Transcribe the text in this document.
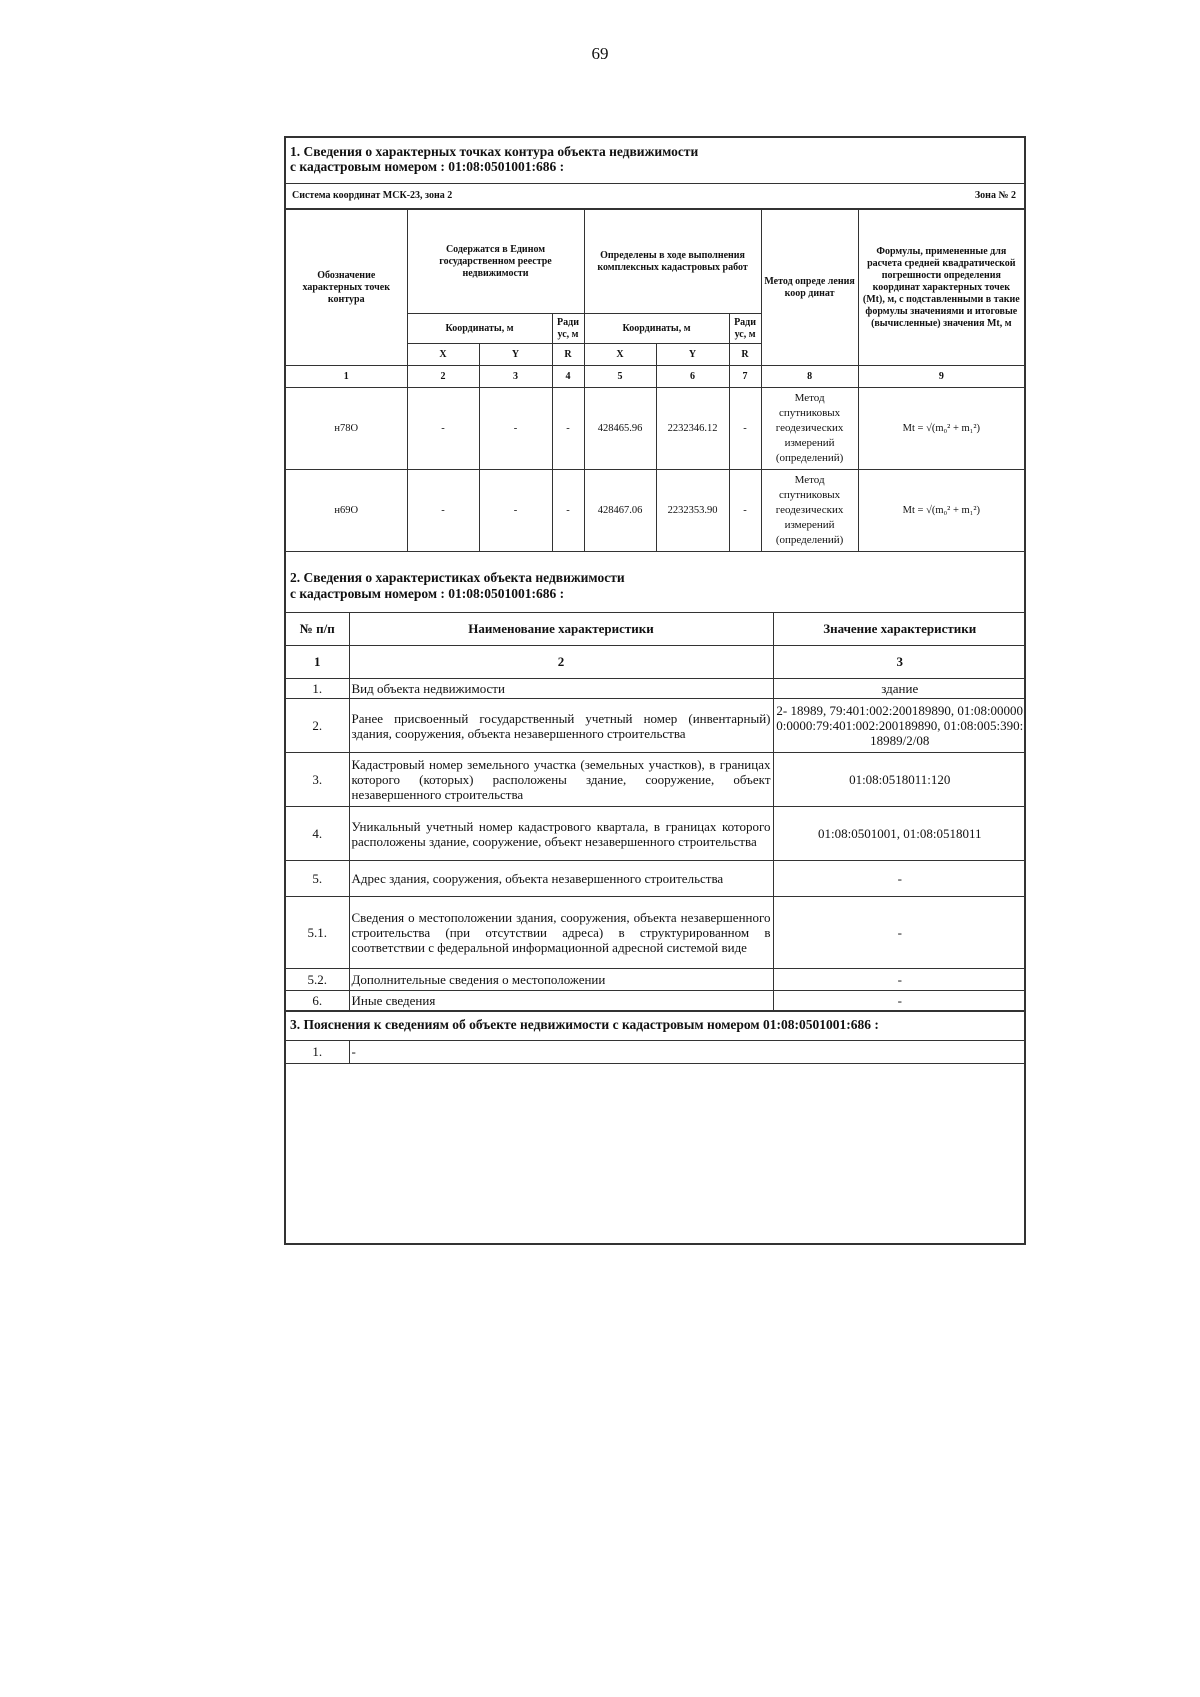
69
1. Сведения о характерных точках контура объекта недвижимости
с кадастровым номером : 01:08:0501001:686 :
Система координат МСК-23, зона 2	Зона № 2
Обозначение характерных точек контура	Содержатся в Едином государственном реестре недвижимости			Определены в ходе выполнения комплексных кадастровых работ			Метод опреде ления коор динат	Формулы, примененные для расчета средней квадратической погрешности определения координат характерных точек (Mt), м, с подставленными в такие формулы значениями и итоговые (вычисленные) значения Mt, м
	Координаты, м		Ради ус, м	Координаты, м		Ради ус, м		
	X	Y	R	X	Y	R		
1	2	3	4	5	6	7	8	9
н78О	-	-	-	428465.96	2232346.12	-	Метод спутниковых геодезических измерений (определений)	Mt = √(m₀² + m₁²)
н69О	-	-	-	428467.06	2232353.90	-	Метод спутниковых геодезических измерений (определений)	Mt = √(m₀² + m₁²)
2. Сведения о характеристиках объекта недвижимости
с кадастровым номером : 01:08:0501001:686 :
№ п/п	Наименование характеристики	Значение характеристики
1	2	3
1.	Вид объекта недвижимости	здание
2.	Ранее присвоенный государственный учетный номер (инвентарный) здания, сооружения, объекта незавершенного строительства	2- 18989, 79:401:002:200189890, 01:08:000000:0000:79:401:002:200189890, 01:08:005:390:18989/2/08
3.	Кадастровый номер земельного участка (земельных участков), в границах которого (которых) расположены здание, сооружение, объект незавершенного строительства	01:08:0518011:120
4.	Уникальный учетный номер кадастрового квартала, в границах которого расположены здание, сооружение, объект незавершенного строительства	01:08:0501001, 01:08:0518011
5.	Адрес здания, сооружения, объекта незавершенного строительства	-
5.1.	Сведения о местоположении здания, сооружения, объекта незавершенного строительства (при отсутствии адреса) в структурированном в соответствии с федеральной информационной адресной системой виде	-
5.2.	Дополнительные сведения о местоположении	-
6.	Иные сведения	-
3. Пояснения к сведениям об объекте недвижимости с кадастровым номером 01:08:0501001:686 :
1.	-
